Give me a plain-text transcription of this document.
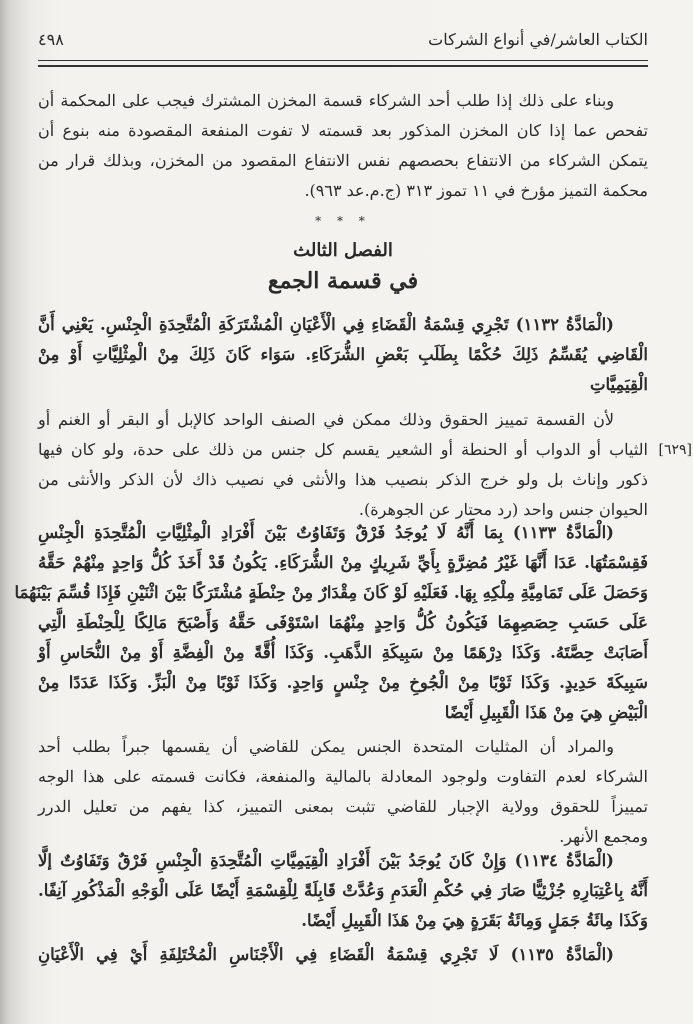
الكتاب العاشر/في أنواع الشركات
٤٩٨
وبناء على ذلك إذا طلب أحد الشركاء قسمة المخزن المشترك فيجب على المحكمة أن
تفحص عما إذا كان المخزن المذكور بعد قسمته لا تفوت المنفعة المقصودة منه بنوع أن
يتمكن الشركاء من الانتفاع بحصصهم نفس الانتفاع المقصود من المخزن، وبذلك قرار من
محكمة التميز مؤرخ في ١١ تموز ٣١٣ (ج.م.عد ٩٦٣).
* * *
الفصل الثالث
في قسمة الجمع
(الْمَادَّةُ ١١٣٢) تَجْرِي قِسْمَةُ الْقَضَاءِ فِي الْأَعْيَانِ الْمُشْتَرَكَةِ الْمُتَّحِدَةِ الْجِنْسِ. يَعْنِي أَنَّ
الْقَاضِي يُقَسِّمُ ذَلِكَ حُكْمًا بِطَلَبِ بَعْضِ الشُّرَكَاءِ. سَوَاء كَانَ ذَلِكَ مِنْ الْمِثْلِيَّاتِ أَوْ مِنْ
الْقِيَمِيَّاتِ
لأن القسمة تمييز الحقوق وذلك ممكن في الصنف الواحد كالإبل أو البقر أو الغنم أو
[٦٢٩]
الثياب أو الدواب أو الحنطة أو الشعير يقسم كل جنس من ذلك على حدة، ولو كان فيها
ذكور وإناث بل ولو خرج الذكر بنصيب هذا والأنثى في نصيب ذاك لأن الذكر والأنثى من
الحيوان جنس واحد (رد محتار عن الجوهرة).
(الْمَادَّةُ ١١٣٣) بِمَا أَنَّهُ لَا يُوجَدُ فَرْقٌ وَتَفَاوُتٌ بَيْنَ أَفْرَادِ الْمِثْلِيَّاتِ الْمُتَّحِدَةِ الْجِنْسِ
فَقِسْمَتُهَا. عَدَا أَنَّهَا غَيْرُ مُضِرَّةٍ بِأَيِّ شَرِيكٍ مِنْ الشُّرَكَاءِ. يَكُونُ قَدْ أَخَذَ كُلُّ وَاحِدٍ مِنْهُمْ حَقَّهُ
وَحَصَلَ عَلَى تَمَامِيَّةِ مِلْكِهِ بِهَا. فَعَلَيْهِ لَوْ كَانَ مِقْدَارٌ مِنْ حِنْطَةٍ مُشْتَرَكًا بَيْنَ اثْنَيْنِ فَإِذَا قُسِّمَ بَيْنَهُمَا
عَلَى حَسَبِ حِصَصِهِمَا فَيَكُونُ كُلُّ وَاحِدٍ مِنْهُمَا اسْتَوْفَى حَقَّهُ وَأَصْبَحَ مَالِكًا لِلْحِنْطَةِ الَّتِي
أَصَابَتْ حِصَّتَهُ. وَكَذَا دِرْهَمًا مِنْ سَبِيكَةِ الذَّهَبِ. وَكَذَا أُقَّةً مِنْ الْفِضَّةِ أَوْ مِنْ النُّحَاسِ أَوْ
سَبِيكَةَ حَدِيدٍ. وَكَذَا ثَوْبًا مِنْ الْجُوخِ مِنْ جِنْسٍ وَاحِدٍ. وَكَذَا ثَوْبًا مِنْ الْبَزِّ. وَكَذَا عَدَدًا مِنْ
الْبَيْضِ هِيَ مِنْ هَذَا الْقَبِيلِ أَيْضًا
والمراد أن المثليات المتحدة الجنس يمكن للقاضي أن يقسمها جبراً بطلب أحد
الشركاء لعدم التفاوت ولوجود المعادلة بالمالية والمنفعة، فكانت قسمته على هذا الوجه
تمييزاً للحقوق وولاية الإجبار للقاضي تثبت بمعنى التمييز، كذا يفهم من تعليل الدرر
ومجمع الأنهر.
(الْمَادَّةُ ١١٣٤) وَإِنْ كَانَ يُوجَدُ بَيْنَ أَفْرَادِ الْقِيَمِيَّاتِ الْمُتَّحِدَةِ الْجِنْسِ فَرْقٌ وَتَفَاوُتٌ إلَّا
أَنَّهُ بِاعْتِبَارِهِ جُزْئِيًّا صَارَ فِي حُكْمِ الْعَدَمِ وَعُدَّتْ قَابِلَةً لِلْقِسْمَةِ أَيْضًا عَلَى الْوَجْهِ الْمَذْكُورِ آنِفًا.
وَكَذَا مِائَةُ جَمَلٍ وَمِائَةُ بَقَرَةٍ هِيَ مِنْ هَذَا الْقَبِيلِ أَيْضًا.
(الْمَادَّةُ ١١٣٥) لَا تَجْرِي قِسْمَةُ الْقَضَاءِ فِي الْأَجْنَاسِ الْمُخْتَلِفَةِ أَيْ فِي الْأَعْيَانِ
